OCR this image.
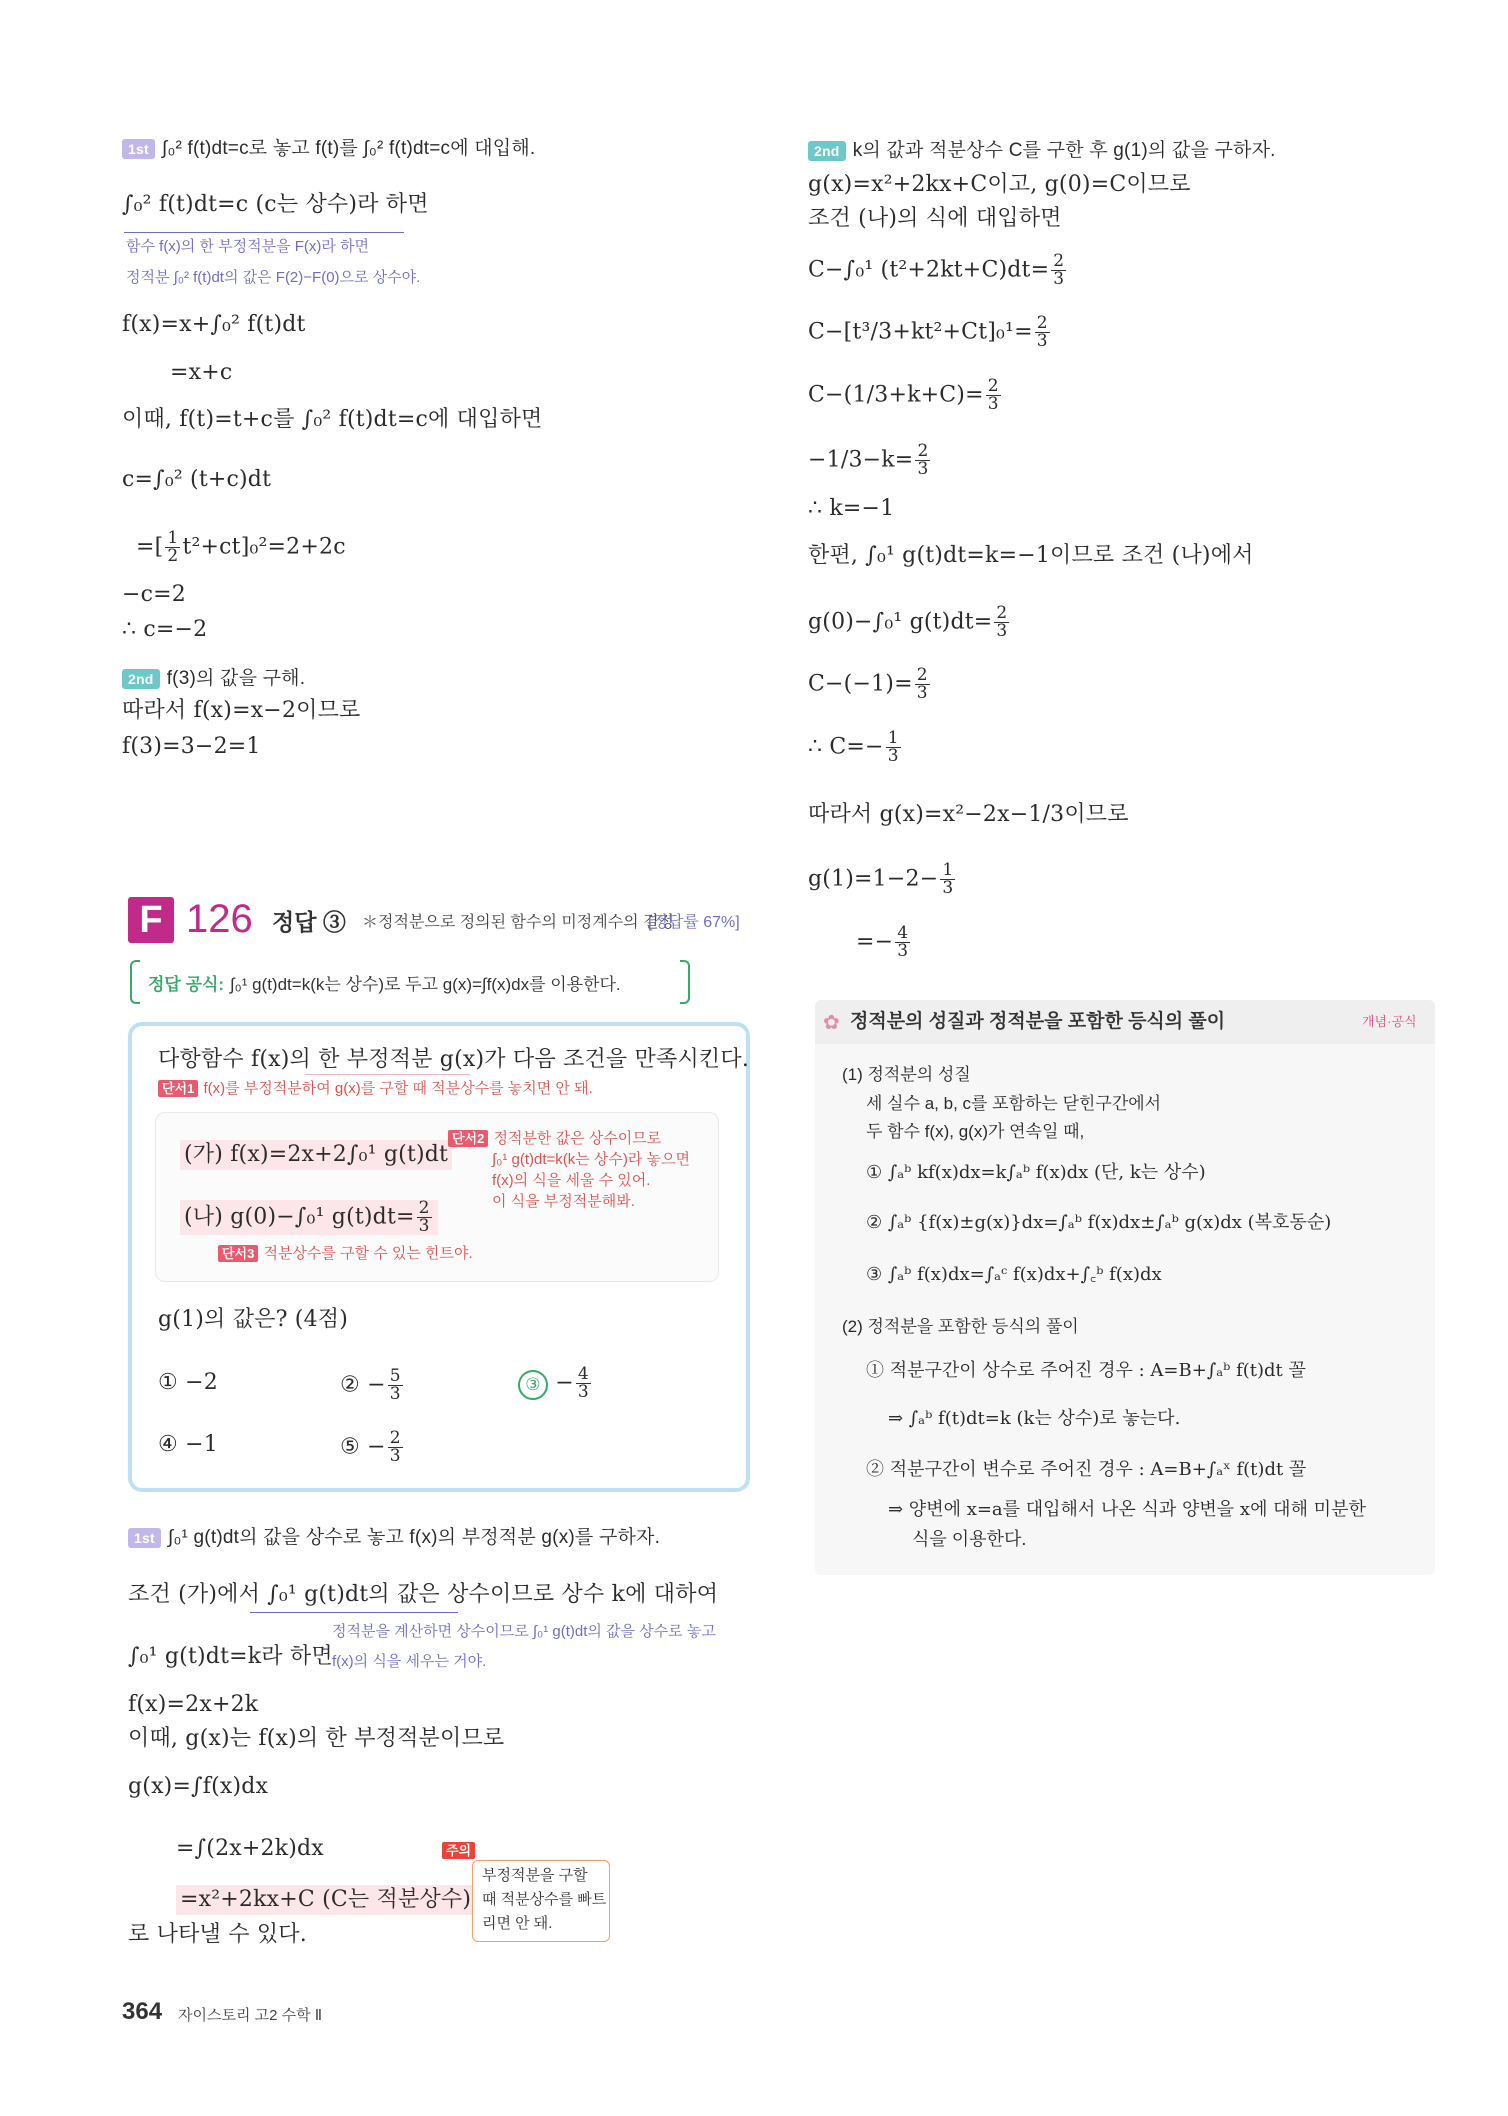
1st ∫₀² f(t)dt=c로 놓고 f(t)를 ∫₀² f(t)dt=c에 대입해.
∫₀² f(t)dt=c (c는 상수)라 하면
함수 f(x)의 한 부정적분을 F(x)라 하면
정적분 ∫₀² f(t)dt의 값은 F(2)−F(0)으로 상수야.
f(x)=x+∫₀² f(t)dt
=x+c
이때, f(t)=t+c를 ∫₀² f(t)dt=c에 대입하면
c=∫₀² (t+c)dt
=[ $\frac{1}{2} t^2+ct]_0^2=2+2c$
−c=2
∴ c=−2
2nd f(3)의 값을 구해.
따라서 f(x)=x−2이므로
f(3)=3−2=1
F 126 정답 ③ ＊정적분으로 정의된 함수의 미정계수의 결정
[정답률 67%]
정답 공식: ∫₀¹ g(t)dt=k(k는 상수)로 두고 g(x)=∫f(x)dx를 이용한다.
다항함수 f(x)의 한 부정적분 g(x)가 다음 조건을 만족시킨다.
단서1 f(x)를 부정적분하여 g(x)를 구할 때 적분상수를 놓치면 안 돼.
(가) f(x)=2x+2∫₀¹ g(t)dt
(나) g(0)−∫₀¹ $g(t)dt= \frac{2}{3}$
단서3 적분상수를 구할 수 있는 힌트야.
단서2 정적분한 값은 상수이므로
∫₀¹ g(t)dt=k(k는 상수)라 놓으면
f(x)의 식을 세울 수 있어.
이 식을 부정적분해봐.
g(1)의 값은? (4점)
① −2	② − $\frac{5}{3}$	③ − $\frac{4}{3}$
④ −1	⑤ − $\frac{2}{3}$
1st ∫₀¹ g(t)dt의 값을 상수로 놓고 f(x)의 부정적분 g(x)를 구하자.
조건 (가)에서 ∫₀¹ g(t)dt의 값은 상수이므로 상수 k에 대하여
정적분을 계산하면 상수이므로 ∫₀¹ g(t)dt의 값을 상수로 놓고
∫₀¹ g(t)dt=k라 하면 f(x)의 식을 세우는 거야.
f(x)=2x+2k
이때, g(x)는 f(x)의 한 부정적분이므로
g(x)=∫f(x)dx
=∫(2x+2k)dx
=x²+2kx+C (C는 적분상수)
로 나타낼 수 있다.
주의
부정적분을 구할
때 적분상수를 빠트
리면 안 돼.
2nd k의 값과 적분상수 C를 구한 후 g(1)의 값을 구하자.
g(x)=x²+2kx+C이고, g(0)=C이므로
조건 (나)의 식에 대입하면
C−∫₀¹ $(t^2+2kt+C)dt= \frac{2}{3}$
$C-[t^3/3+kt^2+Ct]_0^1= \frac{2}{3}$
$C-(1/3+k+C)= \frac{2}{3}$
$-1/3-k= \frac{2}{3}$
∴ k=−1
한편, ∫₀¹ g(t)dt=k=−1이므로 조건 (나)에서
g(0)−∫₀¹ $g(t)dt= \frac{2}{3}$
$C-(-1)= \frac{2}{3}$
∴ $C=- \frac{1}{3}$
따라서 g(x)=x²−2x−1/3이므로
$g(1)=1-2- \frac{1}{3}$
=− $\frac{4}{3}$
✿ 정적분의 성질과 정적분을 포함한 등식의 풀이	개념·공식
(1) 정적분의 성질
세 실수 a, b, c를 포함하는 닫힌구간에서
두 함수 f(x), g(x)가 연속일 때,
① ∫ₐᵇ kf(x)dx=k∫ₐᵇ f(x)dx (단, k는 상수)
② ∫ₐᵇ {f(x)±g(x)}dx=∫ₐᵇ f(x)dx±∫ₐᵇ g(x)dx (복호동순)
③ ∫ₐᵇ f(x)dx=∫ₐᶜ f(x)dx+∫꜀ᵇ f(x)dx
(2) 정적분을 포함한 등식의 풀이
① 적분구간이 상수로 주어진 경우 : A=B+∫ₐᵇ f(t)dt 꼴
⇒ ∫ₐᵇ f(t)dt=k (k는 상수)로 놓는다.
② 적분구간이 변수로 주어진 경우 : A=B+∫ₐˣ f(t)dt 꼴
⇒ 양변에 x=a를 대입해서 나온 식과 양변을 x에 대해 미분한
식을 이용한다.
364 자이스토리 고2 수학 Ⅱ
